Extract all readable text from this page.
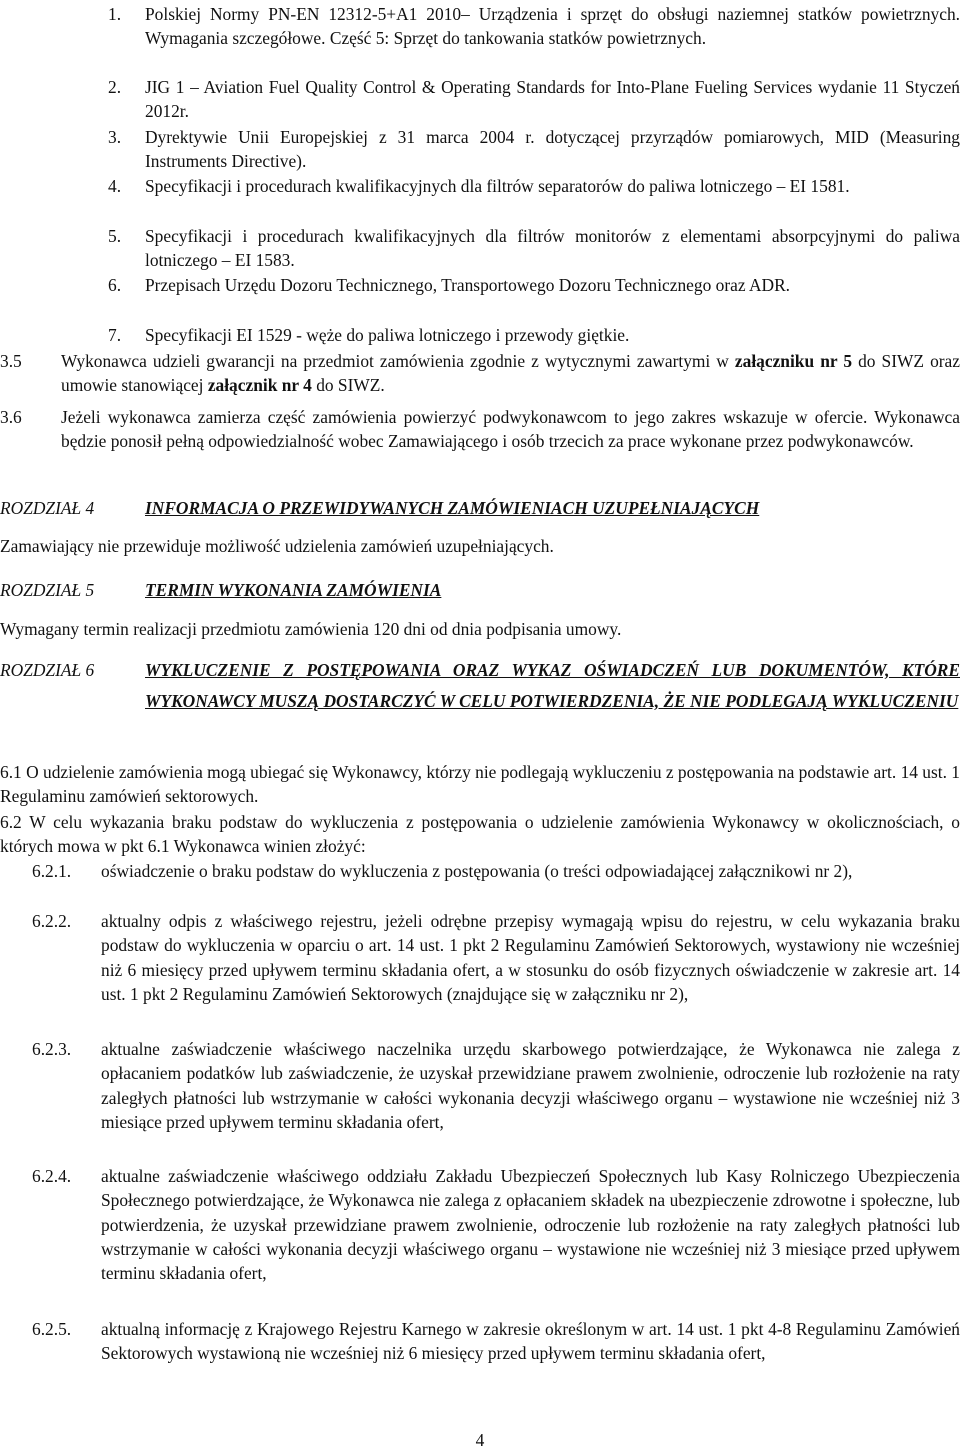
1. Polskiej Normy PN-EN 12312-5+A1 2010– Urządzenia i sprzęt do obsługi naziemnej statków powietrznych. Wymagania szczegółowe. Część 5: Sprzęt do tankowania statków powietrznych.
2. JIG 1 – Aviation Fuel Quality Control & Operating Standards for Into-Plane Fueling Services wydanie 11 Styczeń 2012r.
3. Dyrektywie Unii Europejskiej z 31 marca 2004 r. dotyczącej przyrządów pomiarowych, MID (Measuring Instruments Directive).
4. Specyfikacji i procedurach kwalifikacyjnych dla filtrów separatorów do paliwa lotniczego – EI 1581.
5. Specyfikacji i procedurach kwalifikacyjnych dla filtrów monitorów z elementami absorpcyjnymi do paliwa lotniczego – EI 1583.
6. Przepisach Urzędu Dozoru Technicznego, Transportowego Dozoru Technicznego oraz ADR.
7. Specyfikacji EI 1529 - węże do paliwa lotniczego i przewody giętkie.
3.5 Wykonawca udzieli gwarancji na przedmiot zamówienia zgodnie z wytycznymi zawartymi w załączniku nr 5 do SIWZ oraz umowie stanowiącej załącznik nr 4 do SIWZ.
3.6 Jeżeli wykonawca zamierza część zamówienia powierzyć podwykonawcom to jego zakres wskazuje w ofercie. Wykonawca będzie ponosił pełną odpowiedzialność wobec Zamawiającego i osób trzecich za prace wykonane przez podwykonawców.
ROZDZIAŁ 4	INFORMACJA O PRZEWIDYWANYCH ZAMÓWIENIACH UZUPEŁNIAJĄCYCH
Zamawiający nie przewiduje możliwość udzielenia zamówień uzupełniających.
ROZDZIAŁ 5	TERMIN WYKONANIA ZAMÓWIENIA
Wymagany termin realizacji przedmiotu zamówienia 120 dni od dnia podpisania umowy.
ROZDZIAŁ 6	WYKLUCZENIE Z POSTĘPOWANIA ORAZ WYKAZ OŚWIADCZEŃ LUB DOKUMENTÓW, KTÓRE WYKONAWCY MUSZĄ DOSTARCZYĆ W CELU POTWIERDZENIA, ŻE NIE PODLEGAJĄ WYKLUCZENIU
6.1 O udzielenie zamówienia mogą ubiegać się Wykonawcy, którzy nie podlegają wykluczeniu z postępowania na podstawie art. 14 ust. 1 Regulaminu zamówień sektorowych.
6.2 W celu wykazania braku podstaw do wykluczenia z postępowania o udzielenie zamówienia Wykonawcy w okolicznościach, o których mowa w pkt 6.1 Wykonawca winien złożyć:
6.2.1. oświadczenie o braku podstaw do wykluczenia z postępowania (o treści odpowiadającej załącznikowi nr 2),
6.2.2. aktualny odpis z właściwego rejestru, jeżeli odrębne przepisy wymagają wpisu do rejestru, w celu wykazania braku podstaw do wykluczenia w oparciu o art. 14 ust. 1 pkt 2 Regulaminu Zamówień Sektorowych, wystawiony nie wcześniej niż 6 miesięcy przed upływem terminu składania ofert, a w stosunku do osób fizycznych oświadczenie w zakresie art. 14 ust. 1 pkt 2 Regulaminu Zamówień Sektorowych (znajdujące się w załączniku nr 2),
6.2.3. aktualne zaświadczenie właściwego naczelnika urzędu skarbowego potwierdzające, że Wykonawca nie zalega z opłacaniem podatków lub zaświadczenie, że uzyskał przewidziane prawem zwolnienie, odroczenie lub rozłożenie na raty zaległych płatności lub wstrzymanie w całości wykonania decyzji właściwego organu – wystawione nie wcześniej niż 3 miesiące przed upływem terminu składania ofert,
6.2.4. aktualne zaświadczenie właściwego oddziału Zakładu Ubezpieczeń Społecznych lub Kasy Rolniczego Ubezpieczenia Społecznego potwierdzające, że Wykonawca nie zalega z opłacaniem składek na ubezpieczenie zdrowotne i społeczne, lub potwierdzenia, że uzyskał przewidziane prawem zwolnienie, odroczenie lub rozłożenie na raty zaległych płatności lub wstrzymanie w całości wykonania decyzji właściwego organu – wystawione nie wcześniej niż 3 miesiące przed upływem terminu składania ofert,
6.2.5. aktualną informację z Krajowego Rejestru Karnego w zakresie określonym w art. 14 ust. 1 pkt 4-8 Regulaminu Zamówień Sektorowych wystawioną nie wcześniej niż 6 miesięcy przed upływem terminu składania ofert,
4
